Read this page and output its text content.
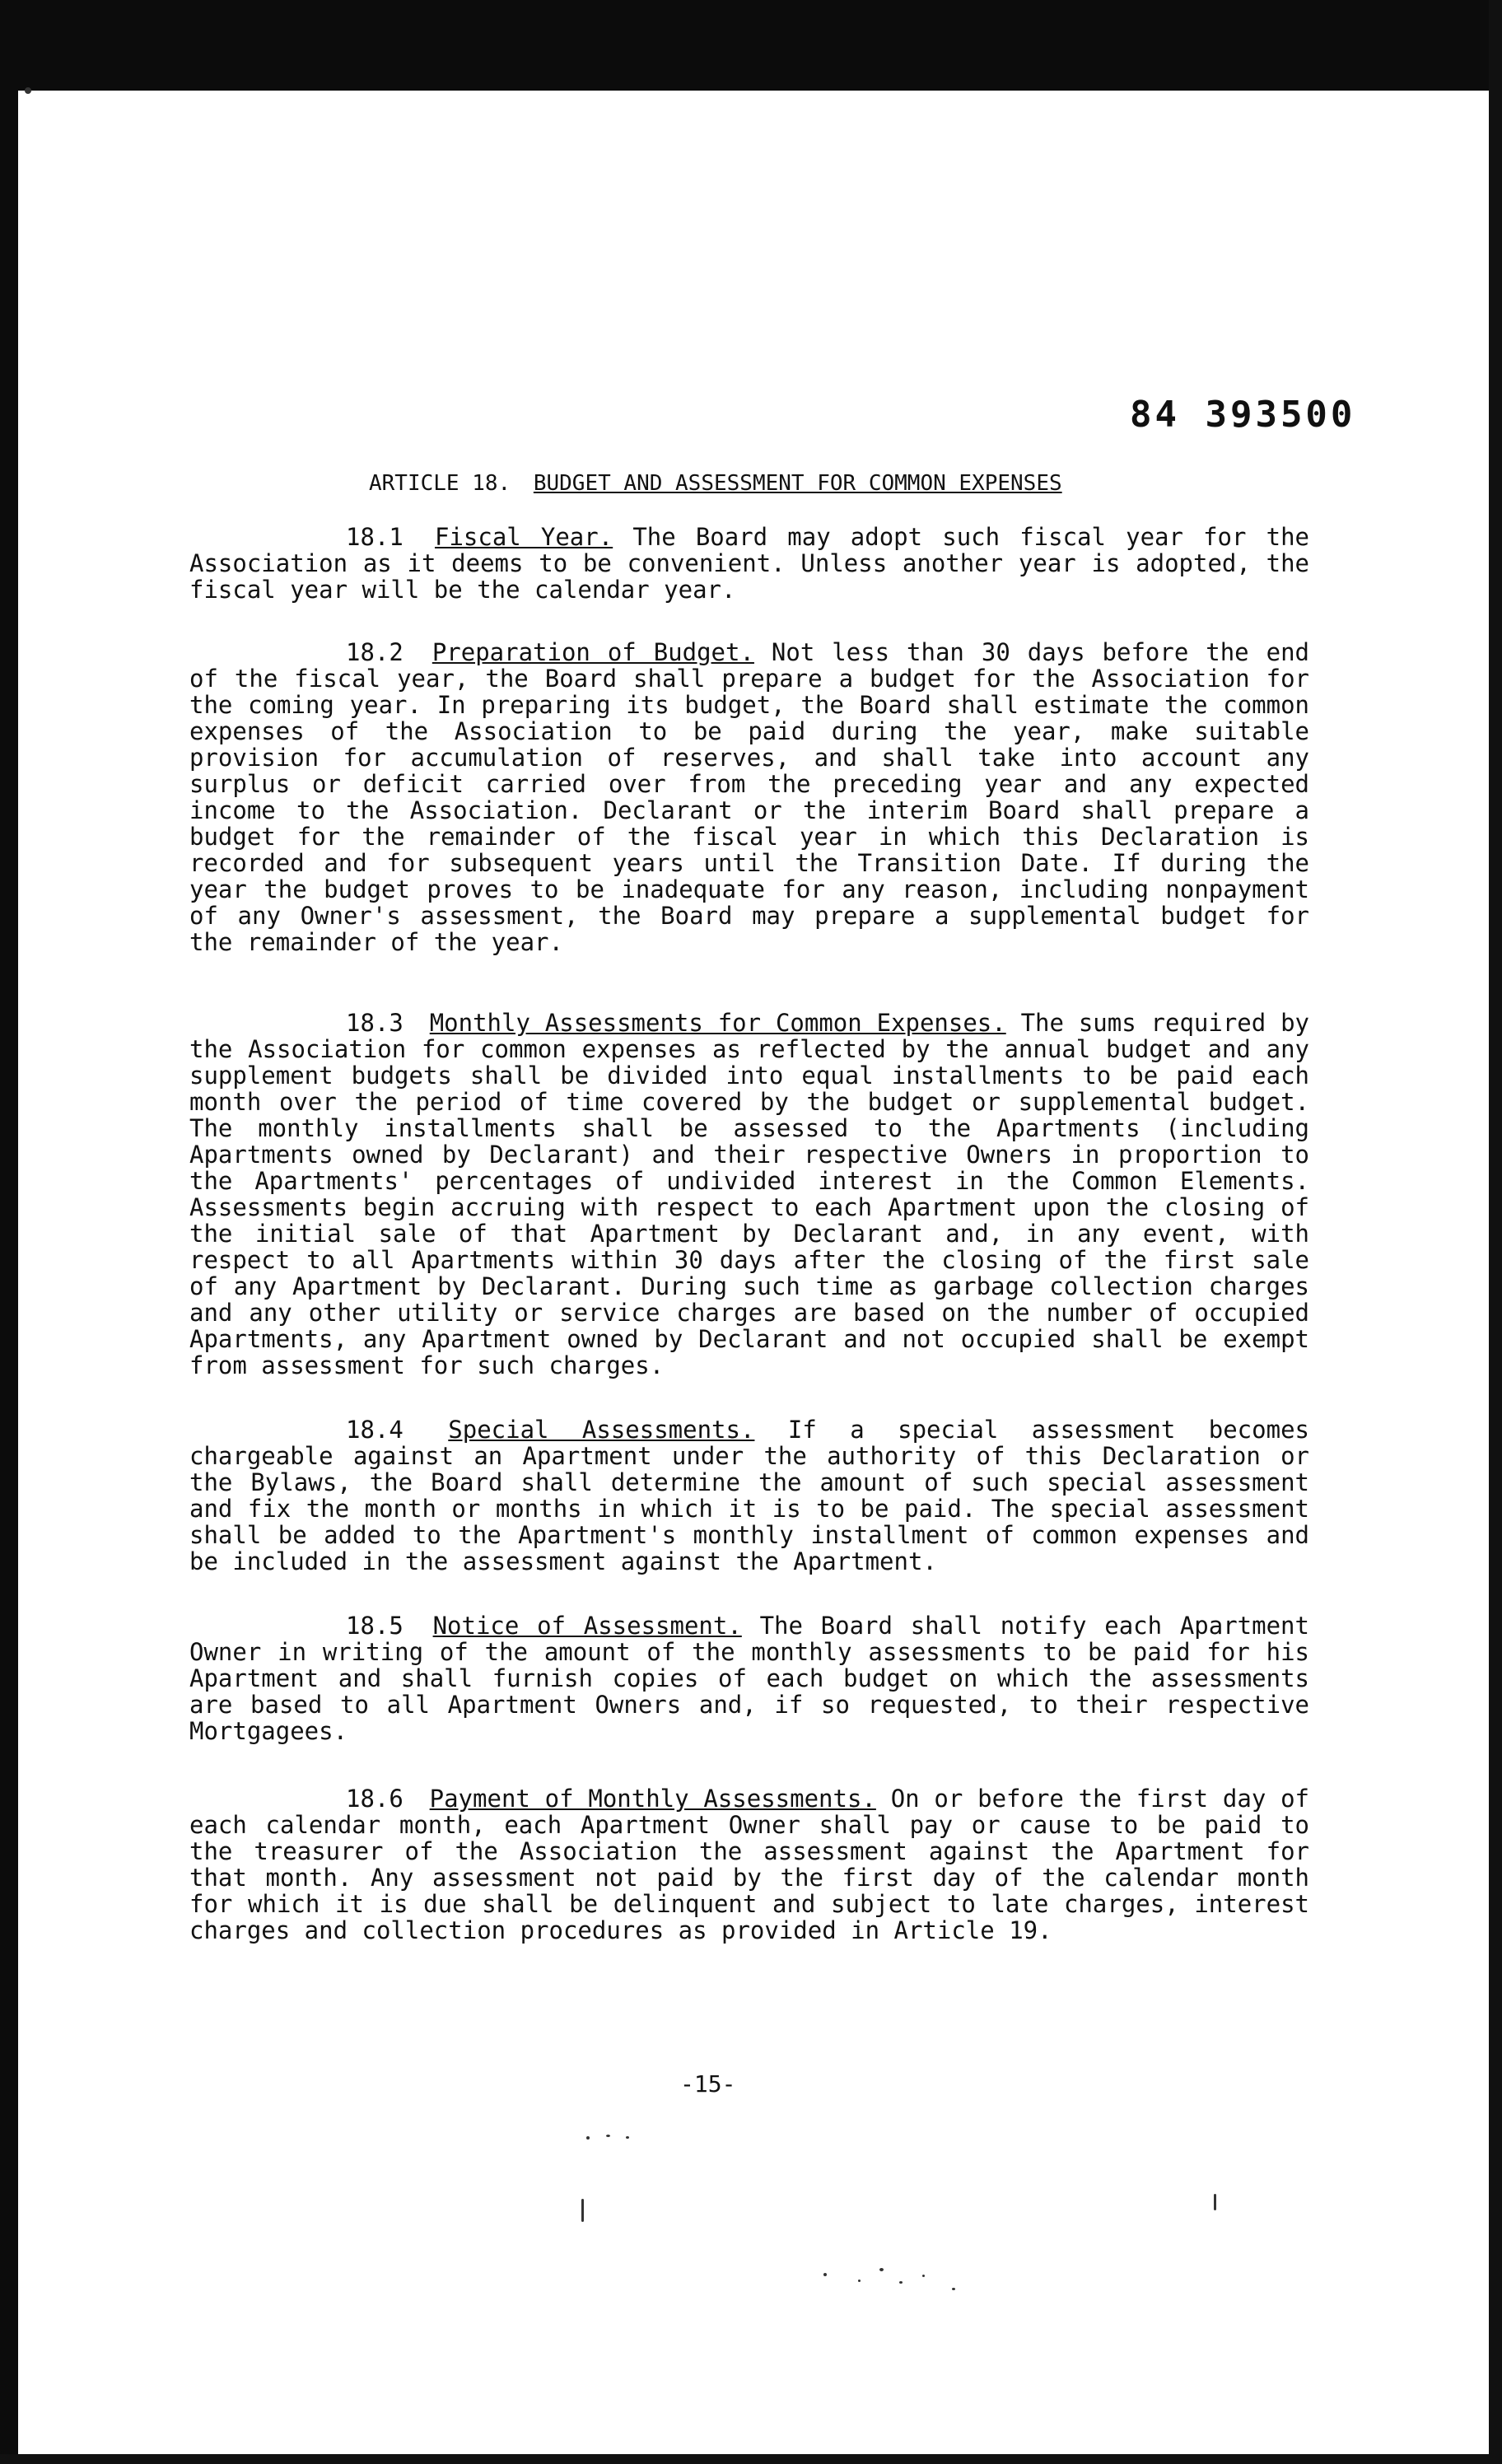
84 393500
ARTICLE 18. BUDGET AND ASSESSMENT FOR COMMON EXPENSES
18.1 Fiscal Year. The Board may adopt such fiscal year for the Association as it deems to be convenient. Unless another year is adopted, the fiscal year will be the calendar year.
18.2 Preparation of Budget. Not less than 30 days before the end of the fiscal year, the Board shall prepare a budget for the Association for the coming year. In preparing its budget, the Board shall estimate the common expenses of the Association to be paid during the year, make suitable provision for accumulation of reserves, and shall take into account any surplus or deficit carried over from the preceding year and any expected income to the Association. Declarant or the interim Board shall prepare a budget for the remainder of the fiscal year in which this Declaration is recorded and for subsequent years until the Transition Date. If during the year the budget proves to be inadequate for any reason, including nonpayment of any Owner's assessment, the Board may prepare a supplemental budget for the remainder of the year.
18.3 Monthly Assessments for Common Expenses. The sums required by the Association for common expenses as reflected by the annual budget and any supplement budgets shall be divided into equal installments to be paid each month over the period of time covered by the budget or supplemental budget. The monthly installments shall be assessed to the Apartments (including Apartments owned by Declarant) and their respective Owners in proportion to the Apartments' percentages of undivided interest in the Common Elements. Assessments begin accruing with respect to each Apartment upon the closing of the initial sale of that Apartment by Declarant and, in any event, with respect to all Apartments within 30 days after the closing of the first sale of any Apartment by Declarant. During such time as garbage collection charges and any other utility or service charges are based on the number of occupied Apartments, any Apartment owned by Declarant and not occupied shall be exempt from assessment for such charges.
18.4 Special Assessments. If a special assessment becomes chargeable against an Apartment under the authority of this Declaration or the Bylaws, the Board shall determine the amount of such special assessment and fix the month or months in which it is to be paid. The special assessment shall be added to the Apartment's monthly installment of common expenses and be included in the assessment against the Apartment.
18.5 Notice of Assessment. The Board shall notify each Apartment Owner in writing of the amount of the monthly assessments to be paid for his Apartment and shall furnish copies of each budget on which the assessments are based to all Apartment Owners and, if so requested, to their respective Mortgagees.
18.6 Payment of Monthly Assessments. On or before the first day of each calendar month, each Apartment Owner shall pay or cause to be paid to the treasurer of the Association the assessment against the Apartment for that month. Any assessment not paid by the first day of the calendar month for which it is due shall be delinquent and subject to late charges, interest charges and collection procedures as provided in Article 19.
-15-
